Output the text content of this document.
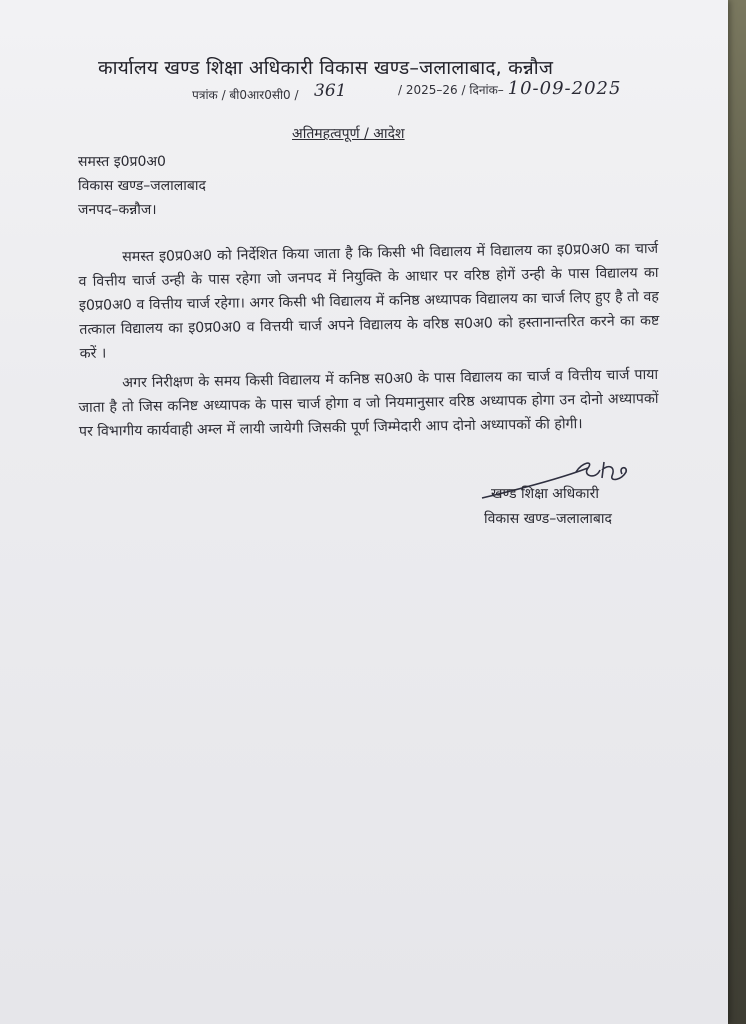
कार्यालय खण्ड शिक्षा अधिकारी विकास खण्ड–जलालाबाद, कन्नौज
पत्रांक / बी0आर0सी0 / 361	/ 2025–26 / दिनांक– 10-09-2025
अतिमहत्वपूर्ण / आदेश
समस्त इ0प्र0अ0
विकास खण्ड–जलालाबाद
जनपद–कन्नौज।
समस्त इ0प्र0अ0 को निर्देशित किया जाता है कि किसी भी विद्यालय में विद्यालय का इ0प्र0अ0 का चार्ज व वित्तीय चार्ज उन्ही के पास रहेगा जो जनपद में नियुक्ति के आधार पर वरिष्ठ होगें उन्ही के पास विद्यालय का इ0प्र0अ0 व वित्तीय चार्ज रहेगा। अगर किसी भी विद्यालय में कनिष्ठ अध्यापक विद्यालय का चार्ज लिए हुए है तो वह तत्काल विद्यालय का इ0प्र0अ0 व वित्तयी चार्ज अपने विद्यालय के वरिष्ठ स0अ0 को हस्तानान्तरित करने का कष्ट करें ।
अगर निरीक्षण के समय किसी विद्यालय में कनिष्ठ स0अ0 के पास विद्यालय का चार्ज व वित्तीय चार्ज पाया जाता है तो जिस कनिष्ट अध्यापक के पास चार्ज होगा व जो नियमानुसार वरिष्ठ अध्यापक होगा उन दोनो अध्यापकों पर विभागीय कार्यवाही अम्ल में लायी जायेगी जिसकी पूर्ण जिम्मेदारी आप दोनो अध्यापकों की होगी।
खण्ड शिक्षा अधिकारी
विकास खण्ड–जलालाबाद
